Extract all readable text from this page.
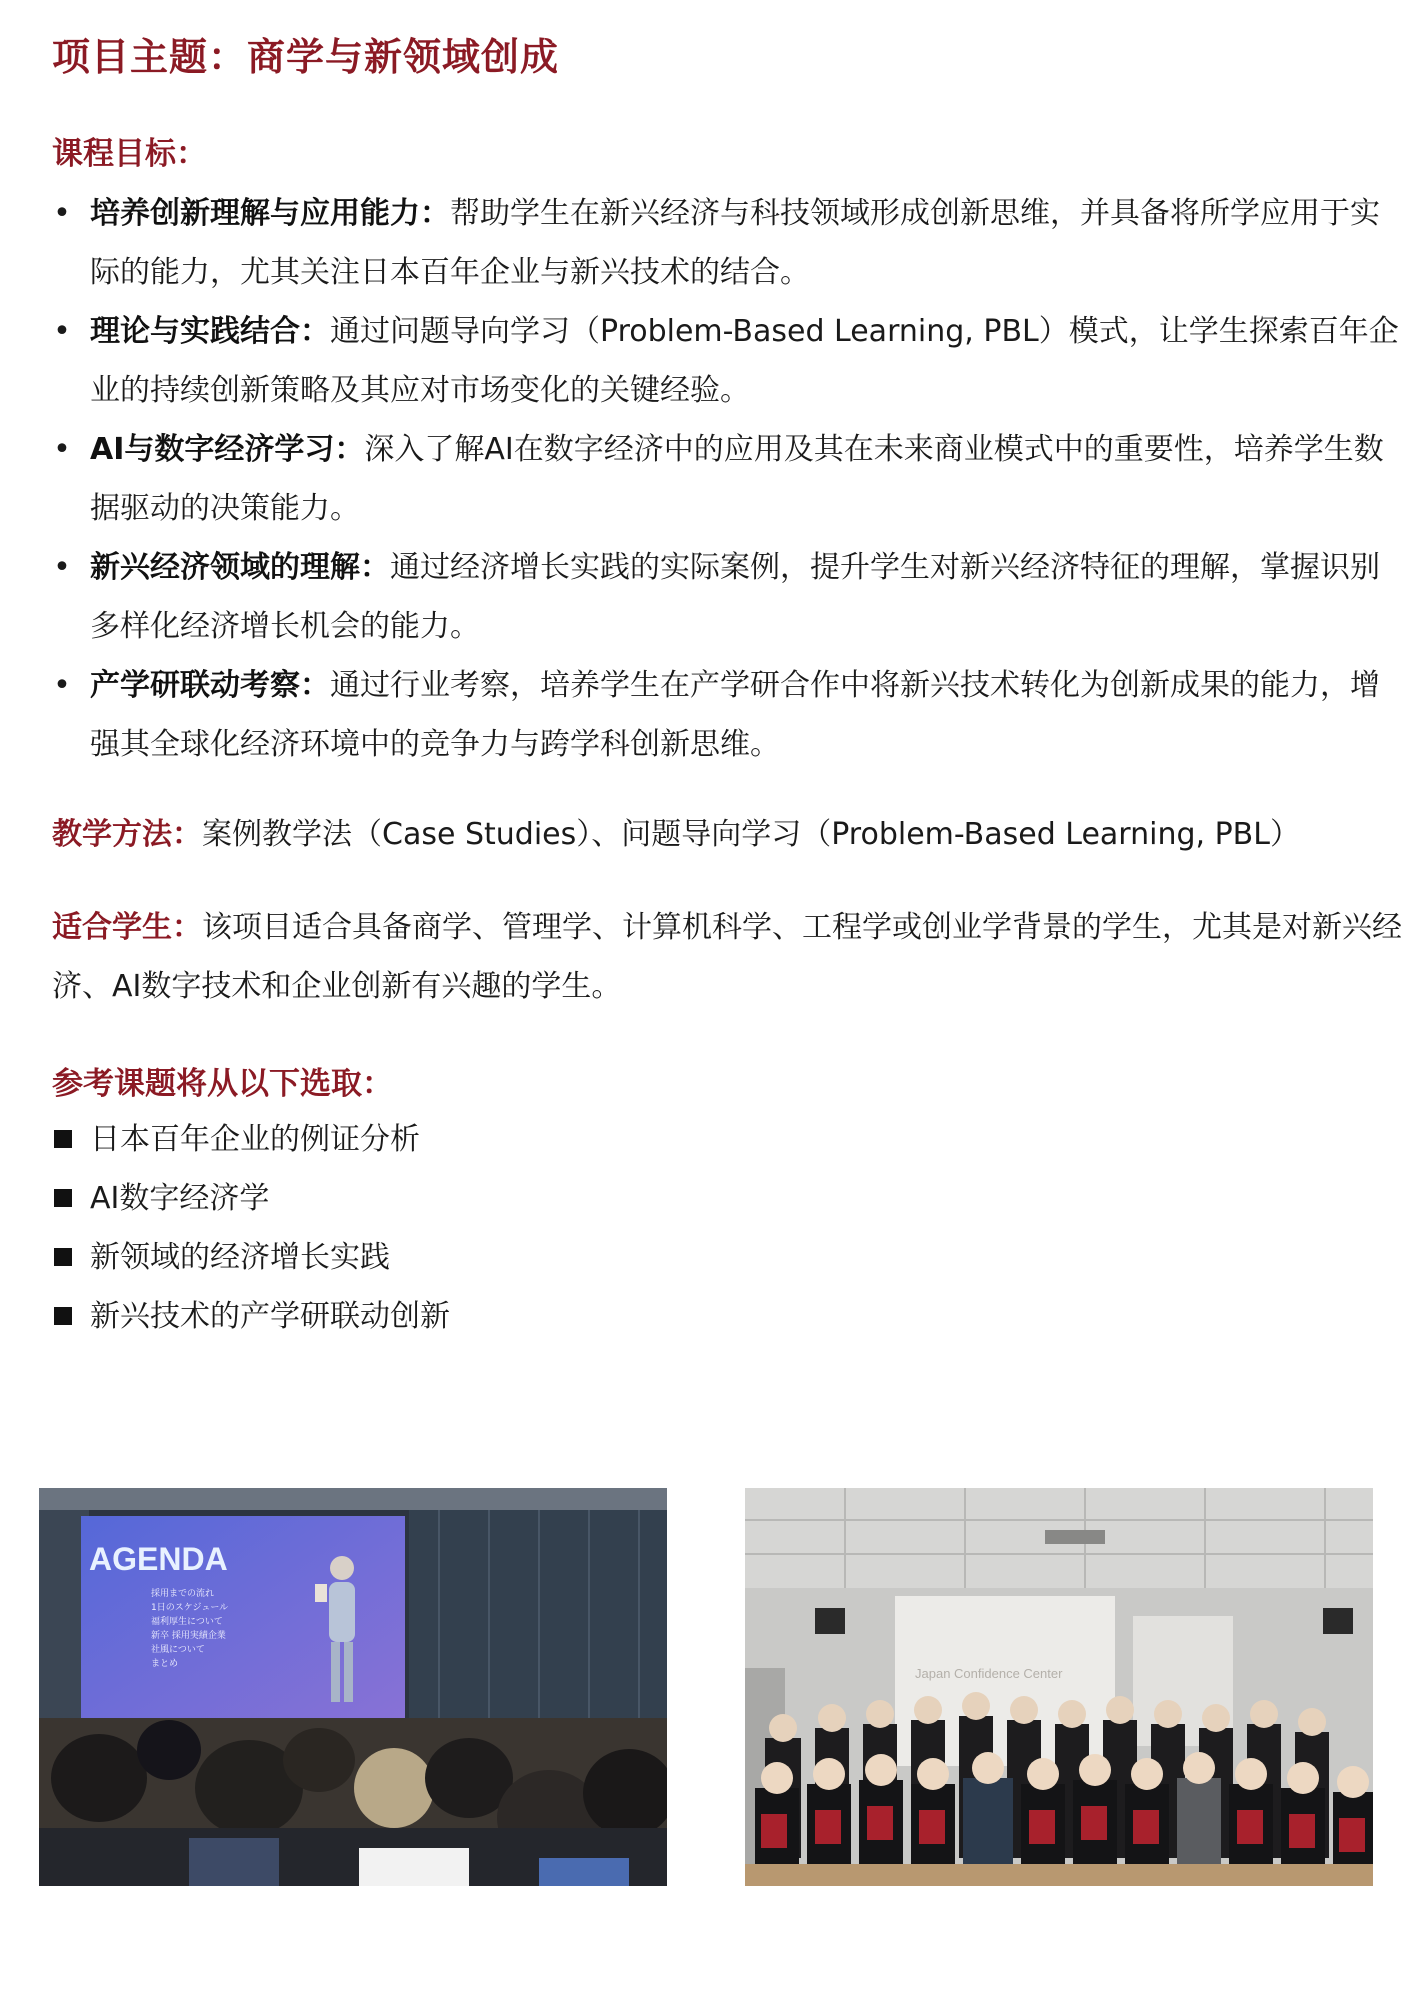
项目主题：商学与新领域创成
课程目标：
• 培养创新理解与应用能力：帮助学生在新兴经济与科技领域形成创新思维，并具备将所学应用于实际的能力，尤其关注日本百年企业与新兴技术的结合。
• 理论与实践结合：通过问题导向学习（Problem-Based Learning, PBL）模式，让学生探索百年企业的持续创新策略及其应对市场变化的关键经验。
• AI与数字经济学习：深入了解AI在数字经济中的应用及其在未来商业模式中的重要性，培养学生数据驱动的决策能力。
• 新兴经济领域的理解：通过经济增长实践的实际案例，提升学生对新兴经济特征的理解，掌握识别多样化经济增长机会的能力。
• 产学研联动考察：通过行业考察，培养学生在产学研合作中将新兴技术转化为创新成果的能力，增强其全球化经济环境中的竞争力与跨学科创新思维。
教学方法：案例教学法（Case Studies）、问题导向学习（Problem-Based Learning, PBL）
适合学生：该项目适合具备商学、管理学、计算机科学、工程学或创业学背景的学生，尤其是对新兴经济、AI数字技术和企业创新有兴趣的学生。
参考课题将从以下选取：
日本百年企业的例证分析
AI数字经济学
新领域的经济增长实践
新兴技术的产学研联动创新
AGENDA
採用までの流れ
1日のスケジュール
福利厚生について
新卒 採用実績企業
社風について
まとめ
Japan Confidence Center
